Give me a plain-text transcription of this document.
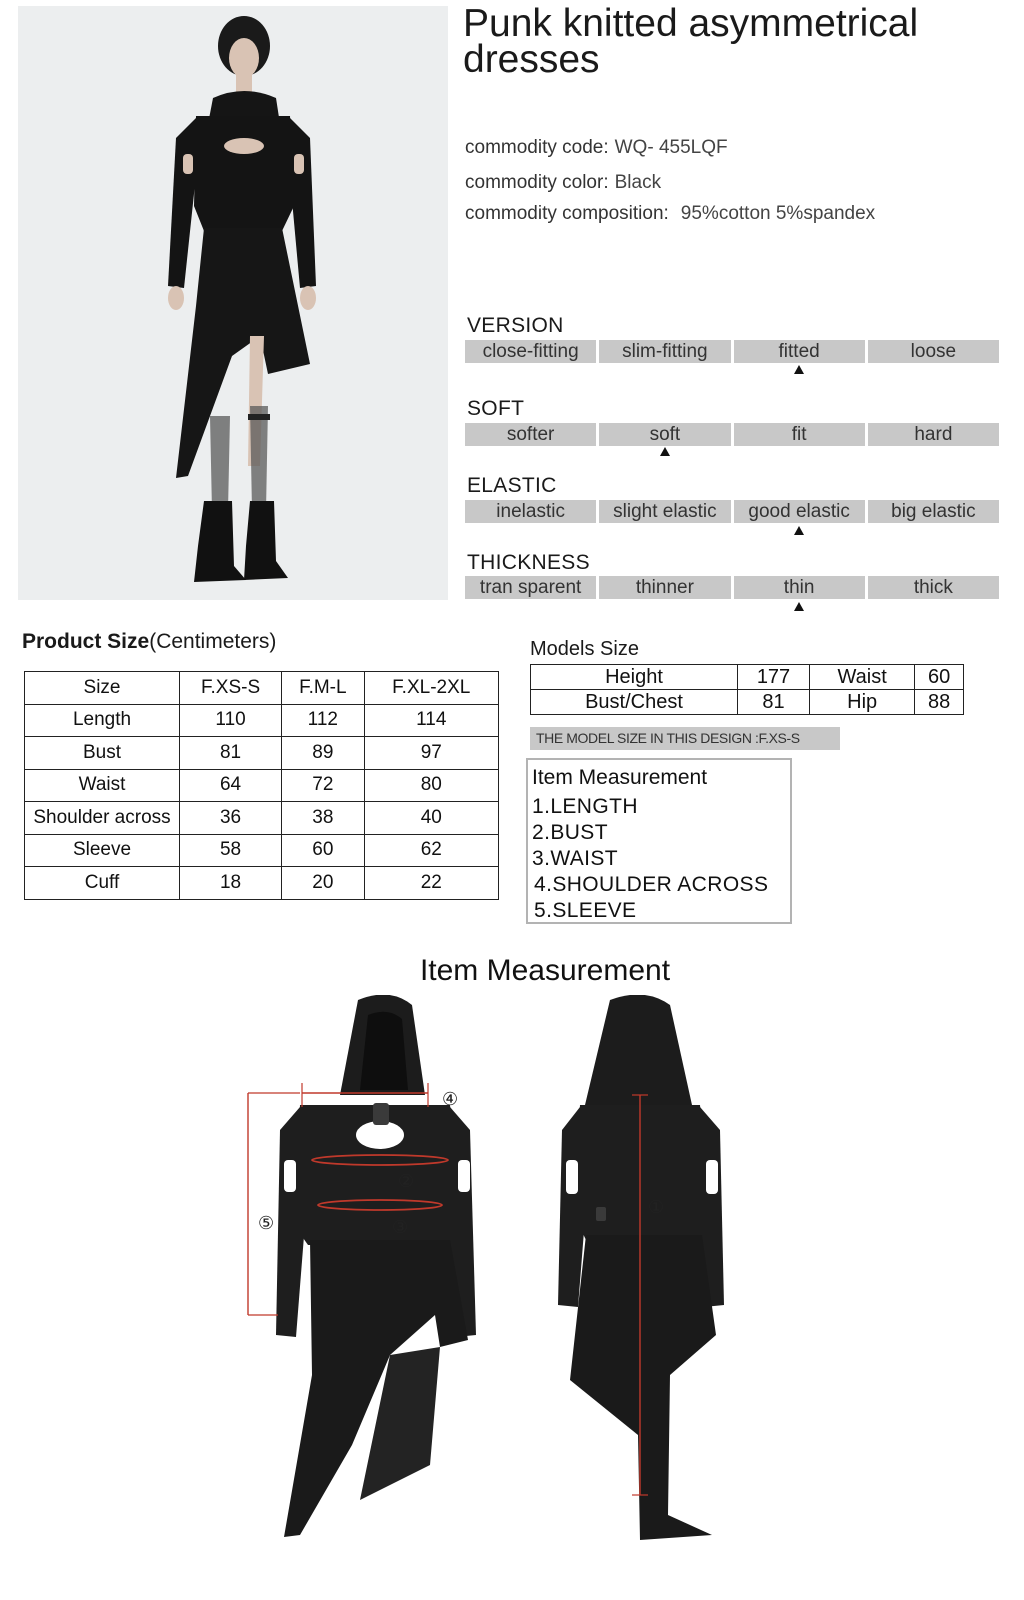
Punk knitted asymmetrical dresses
commodity code: WQ- 455LQF
commodity color: Black
commodity composition: 95%cotton 5%spandex
VERSION
close-fitting	slim-fitting	fitted	loose
SOFT
softer	soft	fit	hard
ELASTIC
inelastic	slight elastic	good elastic	big elastic
THICKNESS
tran sparent	thinner	thin	thick
Product Size(Centimeters)
Size	F.XS-S	F.M-L	F.XL-2XL
Length	110	112	114
Bust	81	89	97
Waist	64	72	80
Shoulder across	36	38	40
Sleeve	58	60	62
Cuff	18	20	22
Models Size
Height	177	Waist	60
Bust/Chest	81	Hip	88
THE MODEL SIZE IN THIS DESIGN :F.XS-S
Item Measurement
1.LENGTH
2.BUST
3.WAIST
4.SHOULDER ACROSS
5.SLEEVE
Item Measurement
①
②
③
④
⑤
